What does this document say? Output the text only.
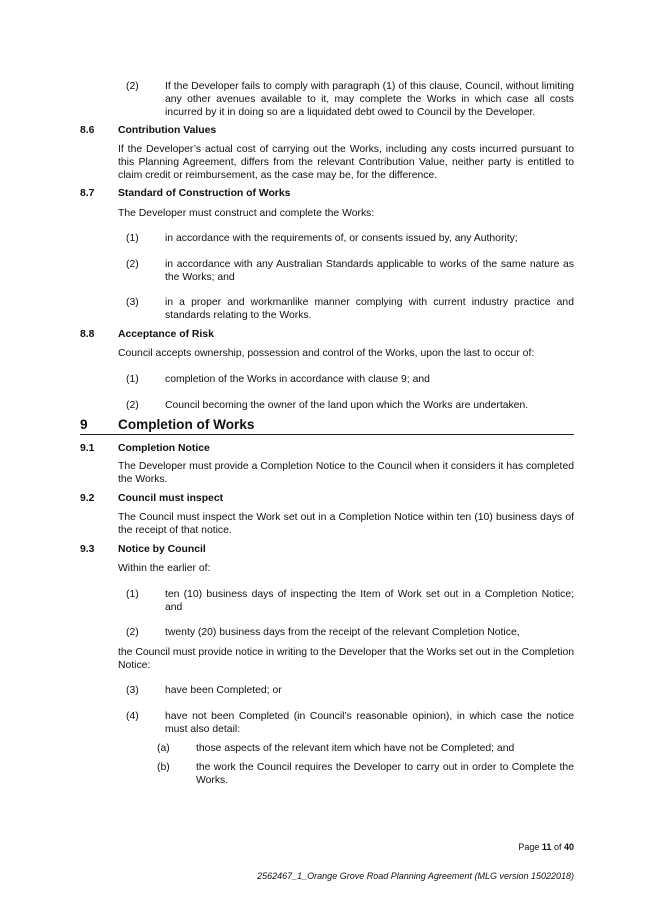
(2)	If the Developer fails to comply with paragraph (1) of this clause, Council, without limiting any other avenues available to it, may complete the Works in which case all costs incurred by it in doing so are a liquidated debt owed to Council by the Developer.
8.6 Contribution Values
If the Developer’s actual cost of carrying out the Works, including any costs incurred pursuant to this Planning Agreement, differs from the relevant Contribution Value, neither party is entitled to claim credit or reimbursement, as the case may be, for the difference.
8.7 Standard of Construction of Works
The Developer must construct and complete the Works:
(1)	in accordance with the requirements of, or consents issued by, any Authority;
(2)	in accordance with any Australian Standards applicable to works of the same nature as the Works; and
(3)	in a proper and workmanlike manner complying with current industry practice and standards relating to the Works.
8.8 Acceptance of Risk
Council accepts ownership, possession and control of the Works, upon the last to occur of:
(1)	completion of the Works in accordance with clause 9; and
(2)	Council becoming the owner of the land upon which the Works are undertaken.
9 Completion of Works
9.1 Completion Notice
The Developer must provide a Completion Notice to the Council when it considers it has completed the Works.
9.2 Council must inspect
The Council must inspect the Work set out in a Completion Notice within ten (10) business days of the receipt of that notice.
9.3 Notice by Council
Within the earlier of:
(1)	ten (10) business days of inspecting the Item of Work set out in a Completion Notice; and
(2)	twenty (20) business days from the receipt of the relevant Completion Notice,
the Council must provide notice in writing to the Developer that the Works set out in the Completion Notice:
(3)	have been Completed; or
(4)	have not been Completed (in Council’s reasonable opinion), in which case the notice must also detail:
(a)	those aspects of the relevant item which have not be Completed; and
(b)	the work the Council requires the Developer to carry out in order to Complete the Works.
Page 11 of 40
2562467_1_Orange Grove Road Planning Agreement (MLG version 15022018)
